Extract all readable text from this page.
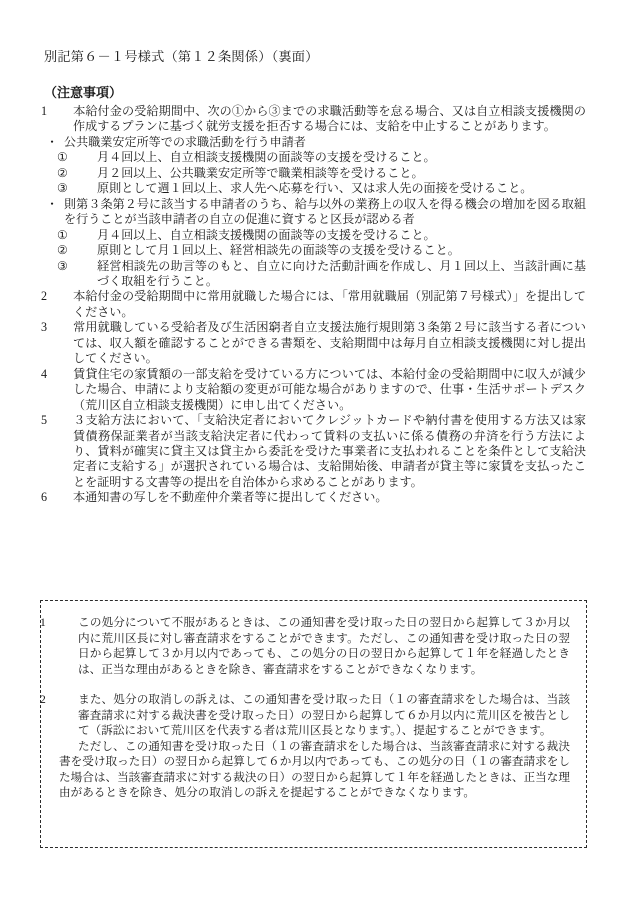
別記第６－１号様式（第１２条関係）（裏面）
（注意事項）
1 本給付金の受給期間中、次の①から③までの求職活動等を怠る場合、又は自立相談支援機関の作成するプランに基づく就労支援を拒否する場合には、支給を中止することがあります。
・ 公共職業安定所等での求職活動を行う申請者
① 月４回以上、自立相談支援機関の面談等の支援を受けること。
② 月２回以上、公共職業安定所等で職業相談等を受けること。
③ 原則として週１回以上、求人先へ応募を行い、又は求人先の面接を受けること。
・ 則第３条第２号に該当する申請者のうち、給与以外の業務上の収入を得る機会の増加を図る取組を行うことが当該申請者の自立の促進に資すると区長が認める者
① 月４回以上、自立相談支援機関の面談等の支援を受けること。
② 原則として月１回以上、経営相談先の面談等の支援を受けること。
③ 経営相談先の助言等のもと、自立に向けた活動計画を作成し、月１回以上、当該計画に基づく取組を行うこと。
2 本給付金の受給期間中に常用就職した場合には、「常用就職届（別記第７号様式）」を提出してください。
3 常用就職している受給者及び生活困窮者自立支援法施行規則第３条第２号に該当する者については、収入額を確認することができる書類を、支給期間中は毎月自立相談支援機関に対し提出してください。
4 賃貸住宅の家賃額の一部支給を受けている方については、本給付金の受給期間中に収入が減少した場合、申請により支給額の変更が可能な場合がありますので、仕事・生活サポートデスク（荒川区自立相談支援機関）に申し出てください。
5 ３支給方法において、「支給決定者においてクレジットカードや納付書を使用する方法又は家賃債務保証業者が当該支給決定者に代わって賃料の支払いに係る債務の弁済を行う方法により、賃料が確実に貸主又は貸主から委託を受けた事業者に支払われることを条件として支給決定者に支給する」が選択されている場合は、支給開始後、申請者が貸主等に家賃を支払ったことを証明する文書等の提出を自治体から求めることがあります。
6 本通知書の写しを不動産仲介業者等に提出してください。

1	この処分について不服があるときは、この通知書を受け取った日の翌日から起算して３か月以内に荒川区長に対し審査請求をすることができます。ただし、この通知書を受け取った日の翌日から起算して３か月以内であっても、この処分の日の翌日から起算して１年を経過したときは、正当な理由があるときを除き、審査請求をすることができなくなります。

2	また、処分の取消しの訴えは、この通知書を受け取った日（１の審査請求をした場合は、当該審査請求に対する裁決書を受け取った日）の翌日から起算して６か月以内に荒川区を被告として（訴訟において荒川区を代表する者は荒川区長となります。）、提起することができます。

ただし、この通知書を受け取った日（１の審査請求をした場合は、当該審査請求に対する裁決書を受け取った日）の翌日から起算して６か月以内であっても、この処分の日（１の審査請求をした場合は、当該審査請求に対する裁決の日）の翌日から起算して１年を経過したときは、正当な理由があるときを除き、処分の取消しの訴えを提起することができなくなります。
